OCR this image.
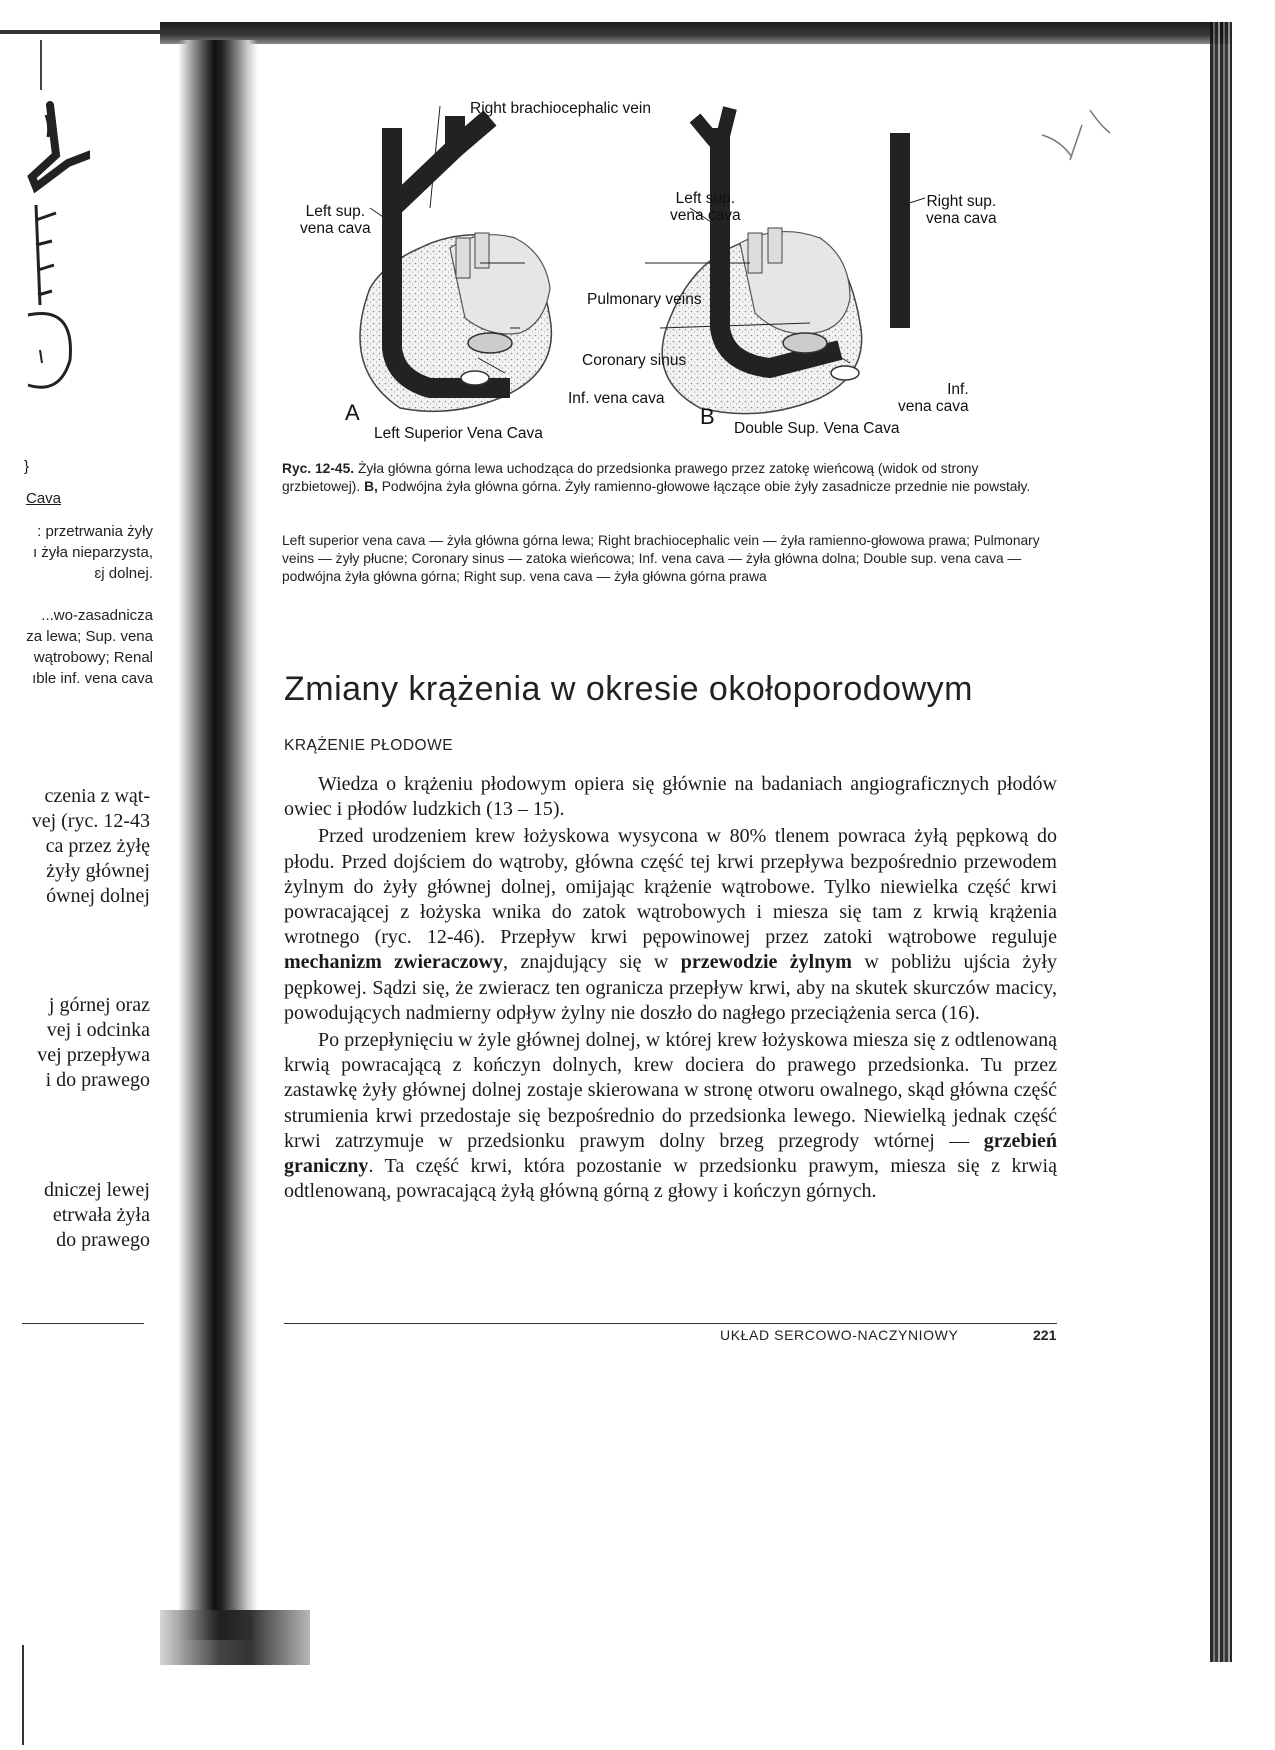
}
Cava
: przetrwania żyły
ı żyła nieparzysta,
ɛj dolnej.
...wo-zasadnicza
za lewa; Sup. vena
wątrobowy; Renal
ıble inf. vena cava
czenia z wąt-
vej (ryc. 12-43
ca przez żyłę
żyły głównej
ównej dolnej
j górnej oraz
vej i odcinka
vej przepływa
i do prawego
dniczej lewej
etrwała żyła
do prawego
Right brachiocephalic vein
Left sup.
vena cava
Left sup.
vena cava
Right sup.
vena cava
Pulmonary veins
Coronary sinus
Inf. vena cava
Inf.
vena cava
A	B
Left Superior Vena Cava	Double Sup. Vena Cava
Ryc. 12-45. Żyła główna górna lewa uchodząca do przedsionka prawego przez zatokę wieńcową (widok od strony grzbietowej). B, Podwójna żyła główna górna. Żyły ramienno-głowowe łączące obie żyły zasadnicze przednie nie powstały.
Left superior vena cava — żyła główna górna lewa; Right brachiocephalic vein — żyła ramienno-głowowa prawa; Pulmonary veins — żyły płucne; Coronary sinus — zatoka wieńcowa; Inf. vena cava — żyła główna dolna; Double sup. vena cava — podwójna żyła główna górna; Right sup. vena cava — żyła główna górna prawa
Zmiany krążenia w okresie okołoporodowym
KRĄŻENIE PŁODOWE

Wiedza o krążeniu płodowym opiera się głównie na badaniach angiograficznych płodów owiec i płodów ludzkich (13 – 15).

Przed urodzeniem krew łożyskowa wysycona w 80% tlenem powraca żyłą pępkową do płodu. Przed dojściem do wątroby, główna część tej krwi przepływa bezpośrednio przewodem żylnym do żyły głównej dolnej, omijając krążenie wątrobowe. Tylko niewielka część krwi powracającej z łożyska wnika do zatok wątrobowych i miesza się tam z krwią krążenia wrotnego (ryc. 12-46). Przepływ krwi pępowinowej przez zatoki wątrobowe reguluje mechanizm zwieraczowy, znajdujący się w przewodzie żylnym w pobliżu ujścia żyły pępkowej. Sądzi się, że zwieracz ten ogranicza przepływ krwi, aby na skutek skurczów macicy, powodujących nadmierny odpływ żylny nie doszło do nagłego przeciążenia serca (16).

Po przepłynięciu w żyle głównej dolnej, w której krew łożyskowa miesza się z odtlenowaną krwią powracającą z kończyn dolnych, krew dociera do prawego przedsionka. Tu przez zastawkę żyły głównej dolnej zostaje skierowana w stronę otworu owalnego, skąd główna część strumienia krwi przedostaje się bezpośrednio do przedsionka lewego. Niewielką jednak część krwi zatrzymuje w przedsionku prawym dolny brzeg przegrody wtórnej — grzebień graniczny. Ta część krwi, która pozostanie w przedsionku prawym, miesza się z krwią odtlenowaną, powracającą żyłą główną górną z głowy i kończyn górnych.

UKŁAD SERCOWO-NACZYNIOWY	221
